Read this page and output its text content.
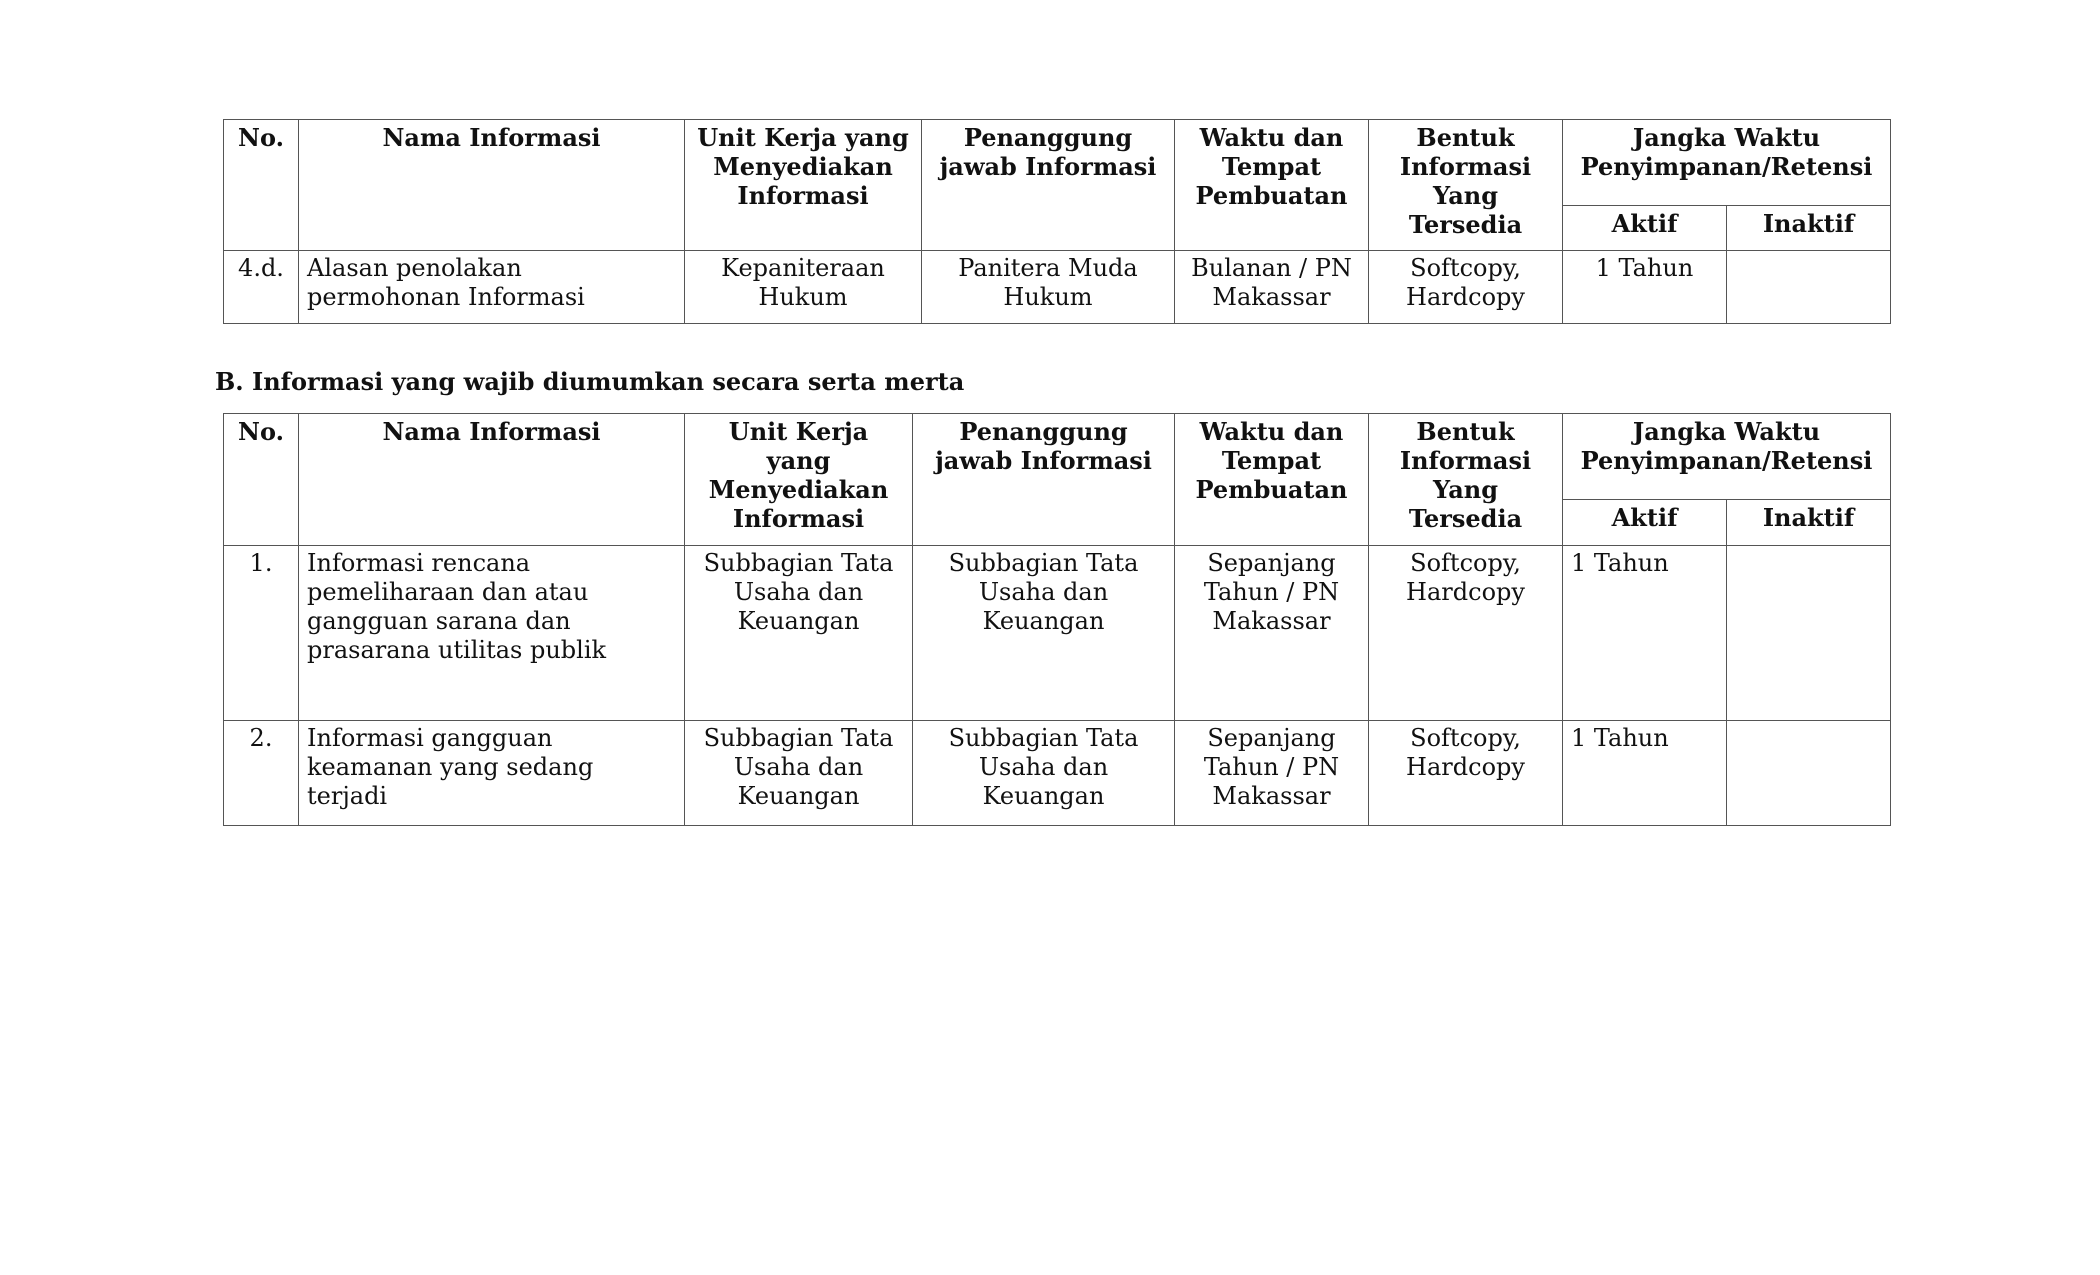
No.	Nama Informasi	Unit Kerja yang Menyediakan Informasi	Penanggung jawab Informasi	Waktu dan Tempat Pembuatan	Bentuk Informasi Yang Tersedia	Jangka Waktu Penyimpanan/Retensi	
						Aktif	Inaktif
4.d.	Alasan penolakan permohonan Informasi	Kepaniteraan Hukum	Panitera Muda Hukum	Bulanan / PN Makassar	Softcopy, Hardcopy	1 Tahun	

B. Informasi yang wajib diumumkan secara serta merta

No.	Nama Informasi	Unit Kerja yang Menyediakan Informasi	Penanggung jawab Informasi	Waktu dan Tempat Pembuatan	Bentuk Informasi Yang Tersedia	Jangka Waktu Penyimpanan/Retensi	
						Aktif	Inaktif
1.	Informasi rencana pemeliharaan dan atau gangguan sarana dan prasarana utilitas publik	Subbagian Tata Usaha dan Keuangan	Subbagian Tata Usaha dan Keuangan	Sepanjang Tahun / PN Makassar	Softcopy, Hardcopy	1 Tahun	
2.	Informasi gangguan keamanan yang sedang terjadi	Subbagian Tata Usaha dan Keuangan	Subbagian Tata Usaha dan Keuangan	Sepanjang Tahun / PN Makassar	Softcopy, Hardcopy	1 Tahun	
